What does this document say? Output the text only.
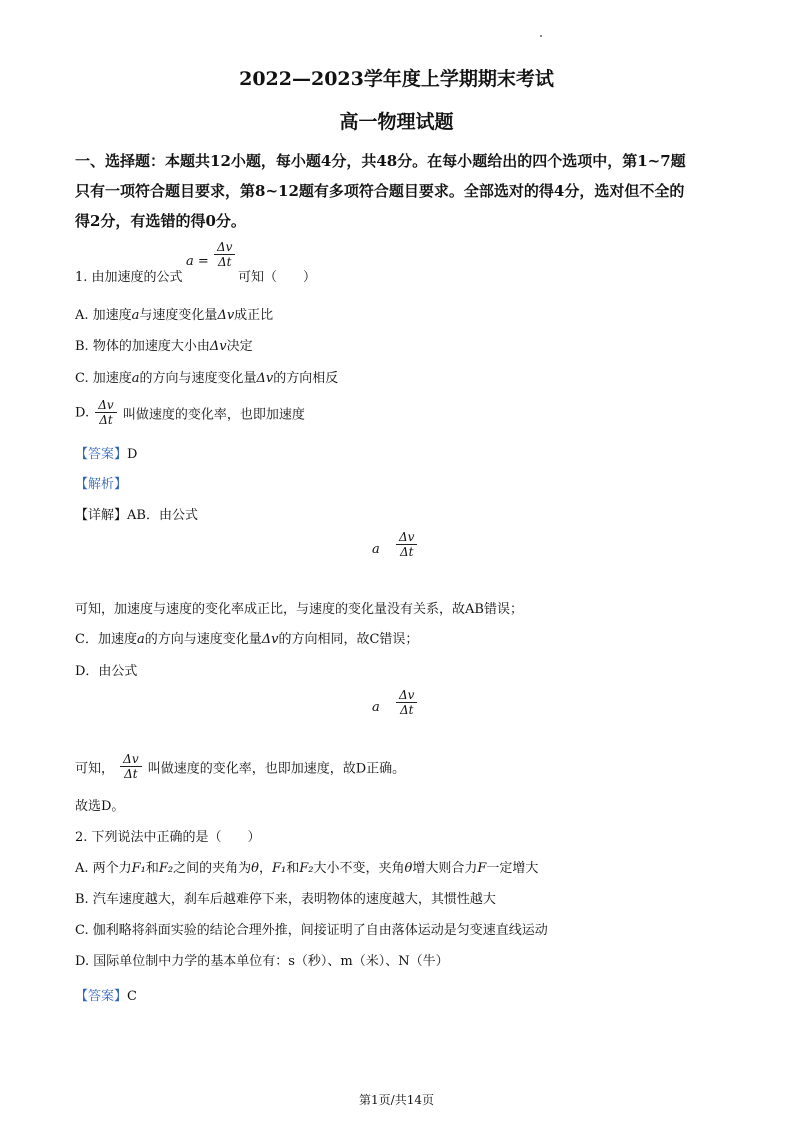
2022—2023学年度上学期期末考试
高一物理试题
一、选择题：本题共12小题，每小题4分，共48分。在每小题给出的四个选项中，第1~7题
只有一项符合题目要求，第8~12题有多项符合题目要求。全部选对的得4分，选对但不全的
得2分，有选错的得0分。
1. 由加速度的公式
$a = \frac{\Delta v}{\Delta t}$
可知（　　）
A. 加速度a与速度变化量Δv成正比
B. 物体的加速度大小由Δv决定
C. 加速度a的方向与速度变化量Δv的方向相反
D. $\frac{\Delta v}{\Delta t}$ 叫做速度的变化率，也即加速度
【答案】D
【解析】
【详解】AB．由公式
a $\frac{\Delta v}{\Delta t}$
可知，加速度与速度的变化率成正比，与速度的变化量没有关系，故AB错误；
C．加速度a的方向与速度变化量Δv的方向相同，故C错误；
D．由公式
a $\frac{\Delta v}{\Delta t}$
可知， $\frac{\Delta v}{\Delta t}$ 叫做速度的变化率，也即加速度，故D正确。
故选D。
2. 下列说法中正确的是（　　）
A. 两个力F₁和F₂之间的夹角为θ，F₁和F₂大小不变，夹角θ增大则合力F一定增大
B. 汽车速度越大，刹车后越难停下来，表明物体的速度越大，其惯性越大
C. 伽利略将斜面实验的结论合理外推，间接证明了自由落体运动是匀变速直线运动
D. 国际单位制中力学的基本单位有：s（秒）、m（米）、N（牛）
【答案】C
第1页/共14页
